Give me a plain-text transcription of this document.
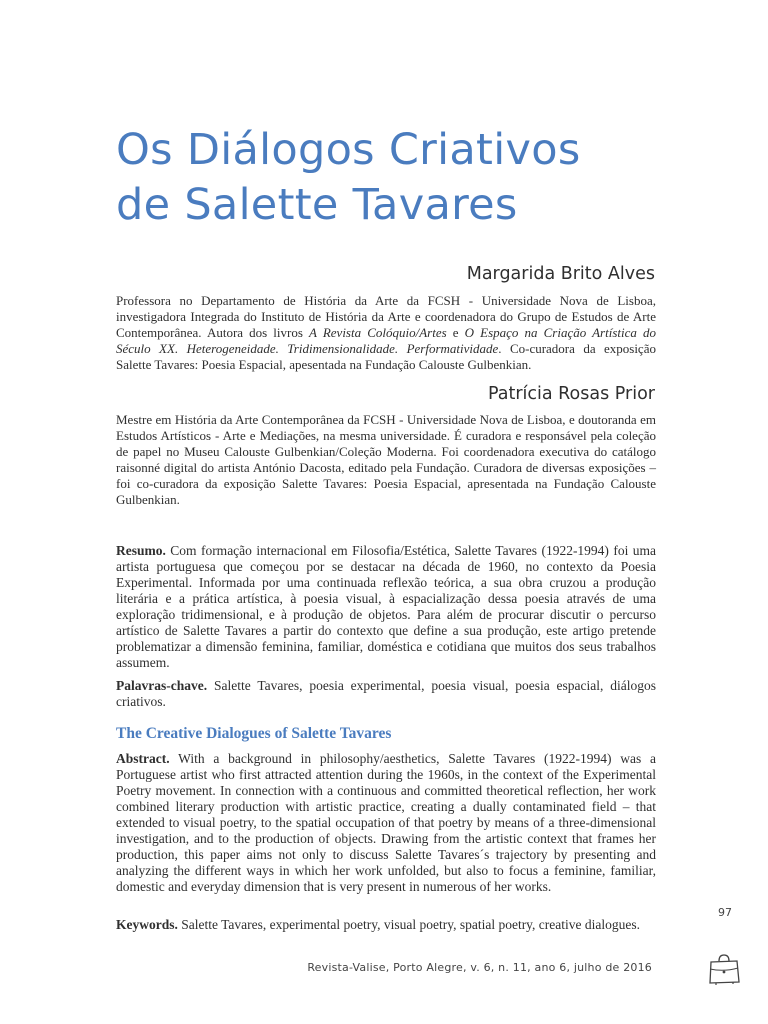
Os Diálogos Criativos
de Salette Tavares
Margarida Brito Alves

Professora no Departamento de História da Arte da FCSH - Universidade Nova de Lisboa, investigadora Integrada do Instituto de História da Arte e coordenadora do Grupo de Estudos de Arte Contemporânea. Autora dos livros A Revista Colóquio/Artes e O Espaço na Criação Artística do Século XX. Heterogeneidade. Tridimensionalidade. Performatividade. Co-curadora da exposição Salette Tavares: Poesia Espacial, apesentada na Fundação Calouste Gulbenkian.

Patrícia Rosas Prior

Mestre em História da Arte Contemporânea da FCSH - Universidade Nova de Lisboa, e doutoranda em Estudos Artísticos - Arte e Mediações, na mesma universidade. É curadora e responsável pela coleção de papel no Museu Calouste Gulbenkian/Coleção Moderna. Foi coordenadora executiva do catálogo raisonné digital do artista António Dacosta, editado pela Fundação. Curadora de diversas exposições – foi co-curadora da exposição Salette Tavares: Poesia Espacial, apresentada na Fundação Calouste Gulbenkian.

Resumo. Com formação internacional em Filosofia/Estética, Salette Tavares (1922-1994) foi uma artista portuguesa que começou por se destacar na década de 1960, no contexto da Poesia Experimental. Informada por uma continuada reflexão teórica, a sua obra cruzou a produção literária e a prática artística, à poesia visual, à espacialização dessa poesia através de uma exploração tridimensional, e à produção de objetos. Para além de procurar discutir o percurso artístico de Salette Tavares a partir do contexto que define a sua produção, este artigo pretende problematizar a dimensão feminina, familiar, doméstica e cotidiana que muitos dos seus trabalhos assumem.

Palavras-chave. Salette Tavares, poesia experimental, poesia visual, poesia espacial, diálogos criativos.

The Creative Dialogues of Salette Tavares

Abstract. With a background in philosophy/aesthetics, Salette Tavares (1922-1994) was a Portuguese artist who first attracted attention during the 1960s, in the context of the Experimental Poetry movement. In connection with a continuous and committed theoretical reflection, her work combined literary production with artistic practice, creating a dually contaminated field – that extended to visual poetry, to the spatial occupation of that poetry by means of a three-dimensional investigation, and to the production of objects. Drawing from the artistic context that frames her production, this paper aims not only to discuss Salette Tavares´s trajectory by presenting and analyzing the different ways in which her work unfolded, but also to focus a feminine, familiar, domestic and everyday dimension that is very present in numerous of her works.

Keywords. Salette Tavares, experimental poetry, visual poetry, spatial poetry, creative dialogues.

97
Revista-Valise, Porto Alegre, v. 6, n. 11, ano 6, julho de 2016
